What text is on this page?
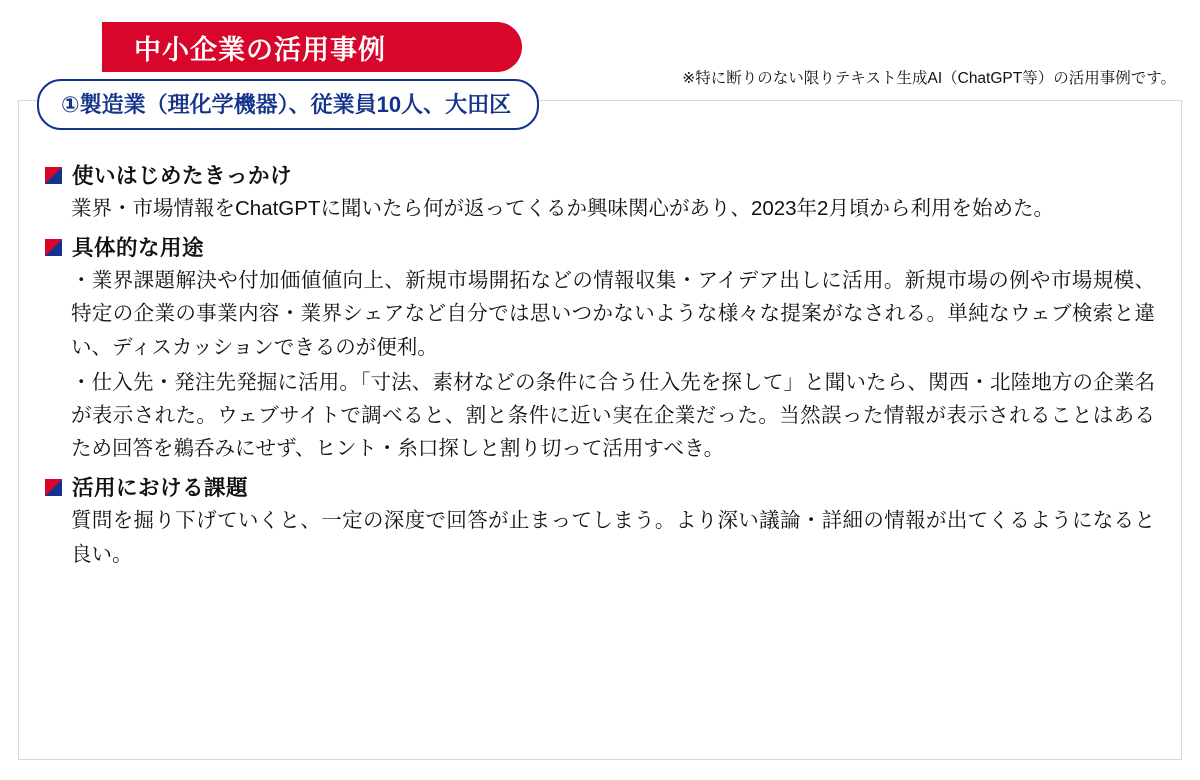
中小企業の活用事例
※特に断りのない限りテキスト生成AI（ChatGPT等）の活用事例です。
①製造業（理化学機器）、従業員10人、大田区
使いはじめたきっかけ

業界・市場情報をChatGPTに聞いたら何が返ってくるか興味関心があり、2023年2月頃から利用を始めた。

具体的な用途

・業界課題解決や付加価値値向上、新規市場開拓などの情報収集・アイデア出しに活用。新規市場の例や市場規模、特定の企業の事業内容・業界シェアなど自分では思いつかないような様々な提案がなされる。単純なウェブ検索と違い、ディスカッションできるのが便利。

・仕入先・発注先発掘に活用。「寸法、素材などの条件に合う仕入先を探して」と聞いたら、関西・北陸地方の企業名が表示された。ウェブサイトで調べると、割と条件に近い実在企業だった。当然誤った情報が表示されることはあるため回答を鵜呑みにせず、ヒント・糸口探しと割り切って活用すべき。

活用における課題

質問を掘り下げていくと、一定の深度で回答が止まってしまう。より深い議論・詳細の情報が出てくるようになると良い。
